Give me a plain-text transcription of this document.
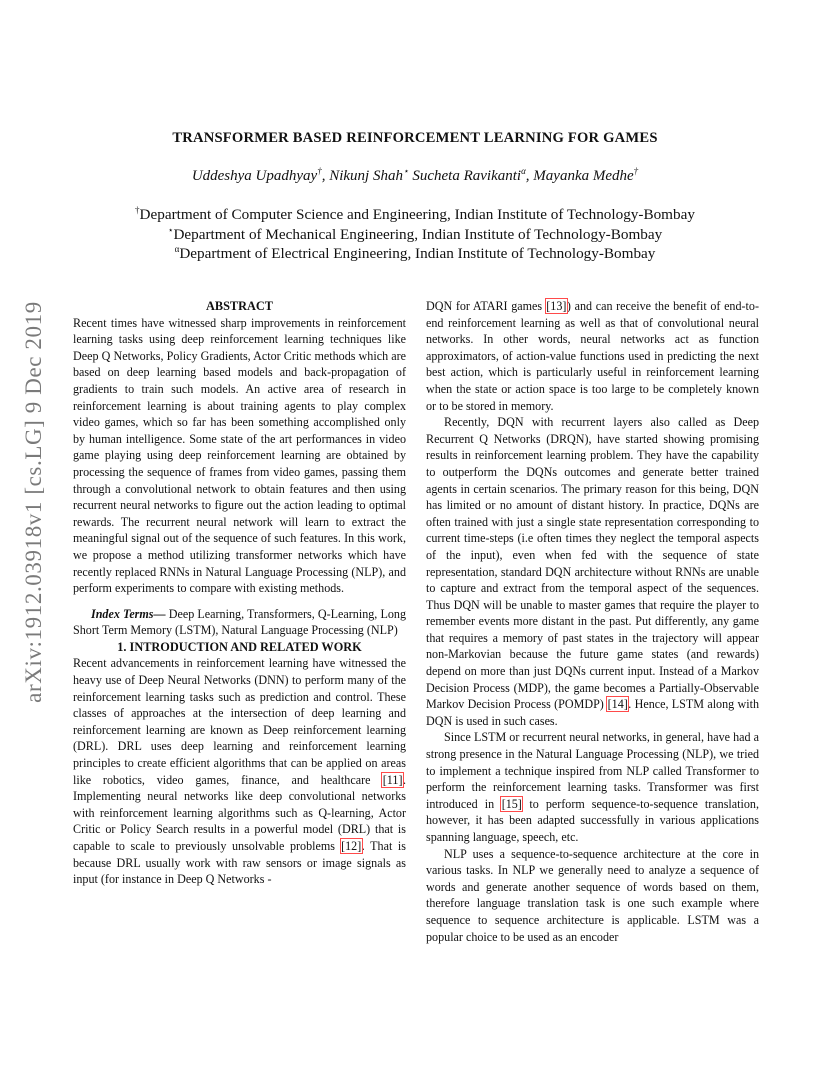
arXiv:1912.03918v1 [cs.LG] 9 Dec 2019
TRANSFORMER BASED REINFORCEMENT LEARNING FOR GAMES
Uddeshya Upadhyay†, Nikunj Shah⋆ Sucheta Ravikanti$^\alpha$, Mayanka Medhe†
†Department of Computer Science and Engineering, Indian Institute of Technology-Bombay
⋆Department of Mechanical Engineering, Indian Institute of Technology-Bombay
$^\alpha$Department of Electrical Engineering, Indian Institute of Technology-Bombay

ABSTRACT

Recent times have witnessed sharp improvements in reinforcement learning tasks using deep reinforcement learning techniques like Deep Q Networks, Policy Gradients, Actor Critic methods which are based on deep learning based models and back-propagation of gradients to train such models. An active area of research in reinforcement learning is about training agents to play complex video games, which so far has been something accomplished only by human intelligence. Some state of the art performances in video game playing using deep reinforcement learning are obtained by processing the sequence of frames from video games, passing them through a convolutional network to obtain features and then using recurrent neural networks to figure out the action leading to optimal rewards. The recurrent neural network will learn to extract the meaningful signal out of the sequence of such features. In this work, we propose a method utilizing transformer networks which have recently replaced RNNs in Natural Language Processing (NLP), and perform experiments to compare with existing methods.

Index Terms— Deep Learning, Transformers, Q-Learning, Long Short Term Memory (LSTM), Natural Language Processing (NLP)

1. INTRODUCTION AND RELATED WORK

Recent advancements in reinforcement learning have witnessed the heavy use of Deep Neural Networks (DNN) to perform many of the reinforcement learning tasks such as prediction and control. These classes of approaches at the intersection of deep learning and reinforcement learning are known as Deep reinforcement learning (DRL). DRL uses deep learning and reinforcement learning principles to create efficient algorithms that can be applied on areas like robotics, video games, finance, and healthcare [11]. Implementing neural networks like deep convolutional networks with reinforcement learning algorithms such as Q-learning, Actor Critic or Policy Search results in a powerful model (DRL) that is capable to scale to previously unsolvable problems [12]. That is because DRL usually work with raw sensors or image signals as input (for instance in Deep Q Networks -

DQN for ATARI games [13]) and can receive the benefit of end-to-end reinforcement learning as well as that of convolutional neural networks. In other words, neural networks act as function approximators, of action-value functions used in predicting the next best action, which is particularly useful in reinforcement learning when the state or action space is too large to be completely known or to be stored in memory.

Recently, DQN with recurrent layers also called as Deep Recurrent Q Networks (DRQN), have started showing promising results in reinforcement learning problem. They have the capability to outperform the DQNs outcomes and generate better trained agents in certain scenarios. The primary reason for this being, DQN has limited or no amount of distant history. In practice, DQNs are often trained with just a single state representation corresponding to current time-steps (i.e often times they neglect the temporal aspects of the input), even when fed with the sequence of state representation, standard DQN architecture without RNNs are unable to capture and extract from the temporal aspect of the sequences. Thus DQN will be unable to master games that require the player to remember events more distant in the past. Put differently, any game that requires a memory of past states in the trajectory will appear non-Markovian because the future game states (and rewards) depend on more than just DQNs current input. Instead of a Markov Decision Process (MDP), the game becomes a Partially-Observable Markov Decision Process (POMDP) [14]. Hence, LSTM along with DQN is used in such cases.

Since LSTM or recurrent neural networks, in general, have had a strong presence in the Natural Language Processing (NLP), we tried to implement a technique inspired from NLP called Transformer to perform the reinforcement learning tasks. Transformer was first introduced in [15] to perform sequence-to-sequence translation, however, it has been adapted successfully in various applications spanning language, speech, etc.

NLP uses a sequence-to-sequence architecture at the core in various tasks. In NLP we generally need to analyze a sequence of words and generate another sequence of words based on them, therefore language translation task is one such example where sequence to sequence architecture is applicable. LSTM was a popular choice to be used as an encoder
